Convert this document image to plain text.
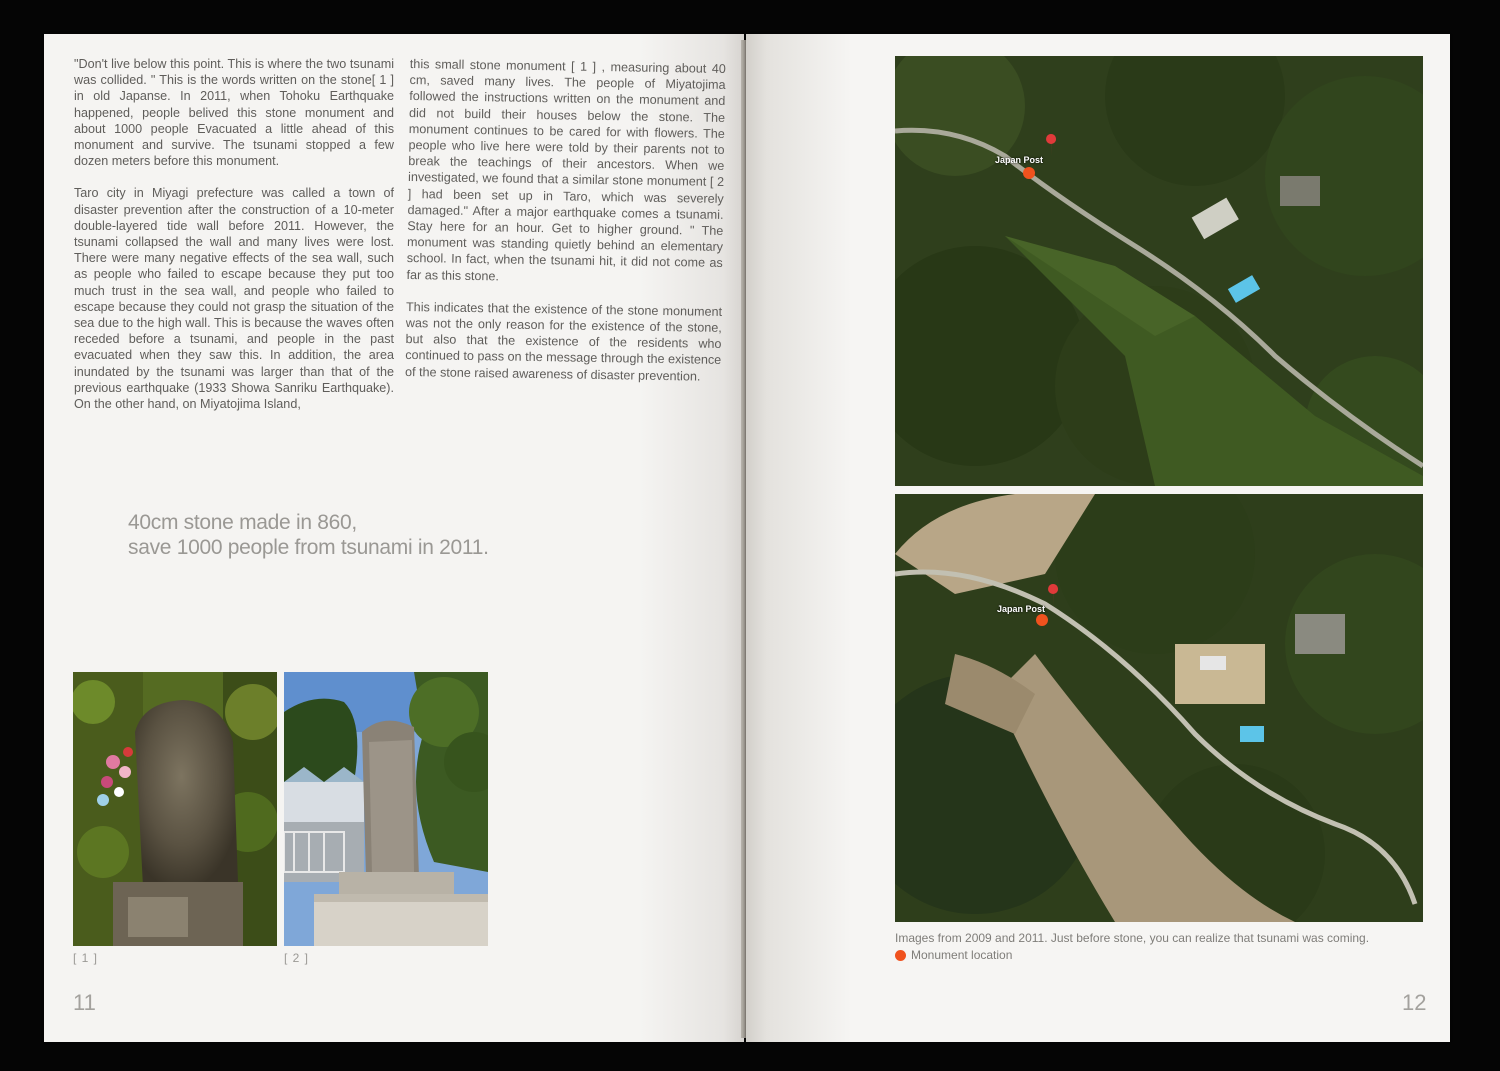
"Don't live below this point. This is where the two tsunami was collided. " This is the words written on the stone[ 1 ] in old Japanse. In 2011, when Tohoku Earthquake happened, people belived this stone monument and about 1000 people Evacuated a little ahead of this monument and survive. The tsunami stopped a few dozen meters before this monument.

Taro city in Miyagi prefecture was called a town of disaster prevention after the construction of a 10-meter double-layered tide wall before 2011. However, the tsunami collapsed the wall and many lives were lost. There were many negative effects of the sea wall, such as people who failed to escape because they put too much trust in the sea wall, and people who failed to escape because they could not grasp the situation of the sea due to the high wall. This is because the waves often receded before a tsunami, and people in the past evacuated when they saw this. In addition, the area inundated by the tsunami was larger than that of the previous earthquake (1933 Showa Sanriku Earthquake). On the other hand, on Miyatojima Island,

this small stone monument [ 1 ] , measuring about 40 cm, saved many lives. The people of Miyatojima followed the instructions written on the monument and did not build their houses below the stone. The monument continues to be cared for with flowers. The people who live here were told by their parents not to break the teachings of their ancestors. When we investigated, we found that a similar stone monument [ 2 ] had been set up in Taro, which was severely damaged." After a major earthquake comes a tsunami. Stay here for an hour. Get to higher ground. " The monument was standing quietly behind an elementary school. In fact, when the tsunami hit, it did not come as far as this stone.

This indicates that the existence of the stone monument was not the only reason for the existence of the stone, but also that the existence of the residents who continued to pass on the message through the existence of the stone raised awareness of disaster prevention.

40cm stone made in 860,
save 1000 people from tsunami in 2011.
[ 1 ]	[ 2 ]
11
Japan Post
Japan Post
Images from 2009 and 2011. Just before stone, you can realize that tsunami was coming.
Monument location
12
